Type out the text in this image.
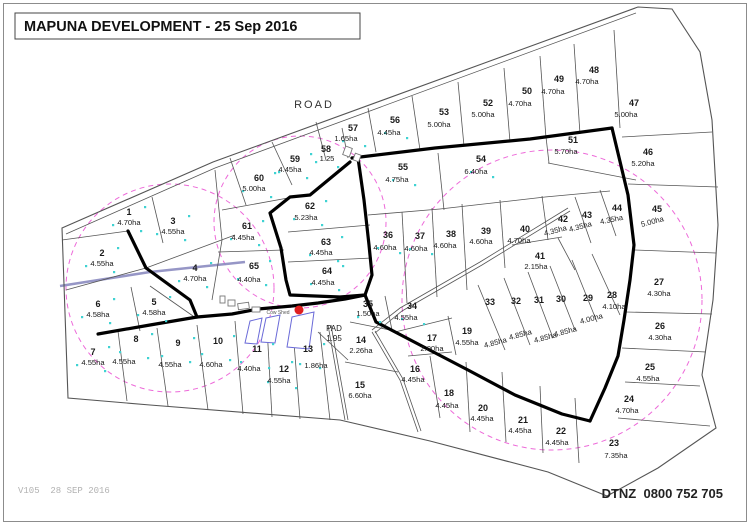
1
4.70ha
2
4.55ha
3
4.55ha
4
4.70ha
5
4.58ha
6
4.58ha
7
4.55ha
8
4.55ha
9
4.55ha
10
4.60ha
11
4.40ha 12
4.55ha
13
1.86ha
14
2.26ha
15
6.60ha
16
4.45ha
17
2.00ha
18
4.45ha
19
4.55ha
20
4.45ha	21
4.45ha	22
4.45ha	23
7.35ha
24
4.70ha
25
4.55ha
26
4.30ha
27
4.30ha
28
4.10ha
29
4.00ha
30
4.85ha
31
4.85ha
32
4.85ha
33
4.85ha
34
4.55ha
35
1.50ha
36
4.60ha
37
4.60ha
38
4.60ha
39
4.60ha
40
4.70ha
41
2.15ha
42
4.35ha
43
4.35ha
44
4.35ha
45
5.00ha
46
5.20ha
47
5.00ha
48
4.70ha
49
4.70ha
50
4.70ha
51
5.70ha
52
5.00ha
53
5.00ha
54
6.40ha
55
4.75ha
56
4.45ha
57
1.65ha
58
1.25
59
4.45ha
60
5.00ha
61
4.45ha
62
5.23ha
63
4.45ha
64
4.45ha
65
4.40ha
MAPUNA DEVELOPMENT - 25 Sep 2016
ROAD
Cow Shed
PAD
1.95
V105  28 SEP 2016	DTNZ  0800 752 705
